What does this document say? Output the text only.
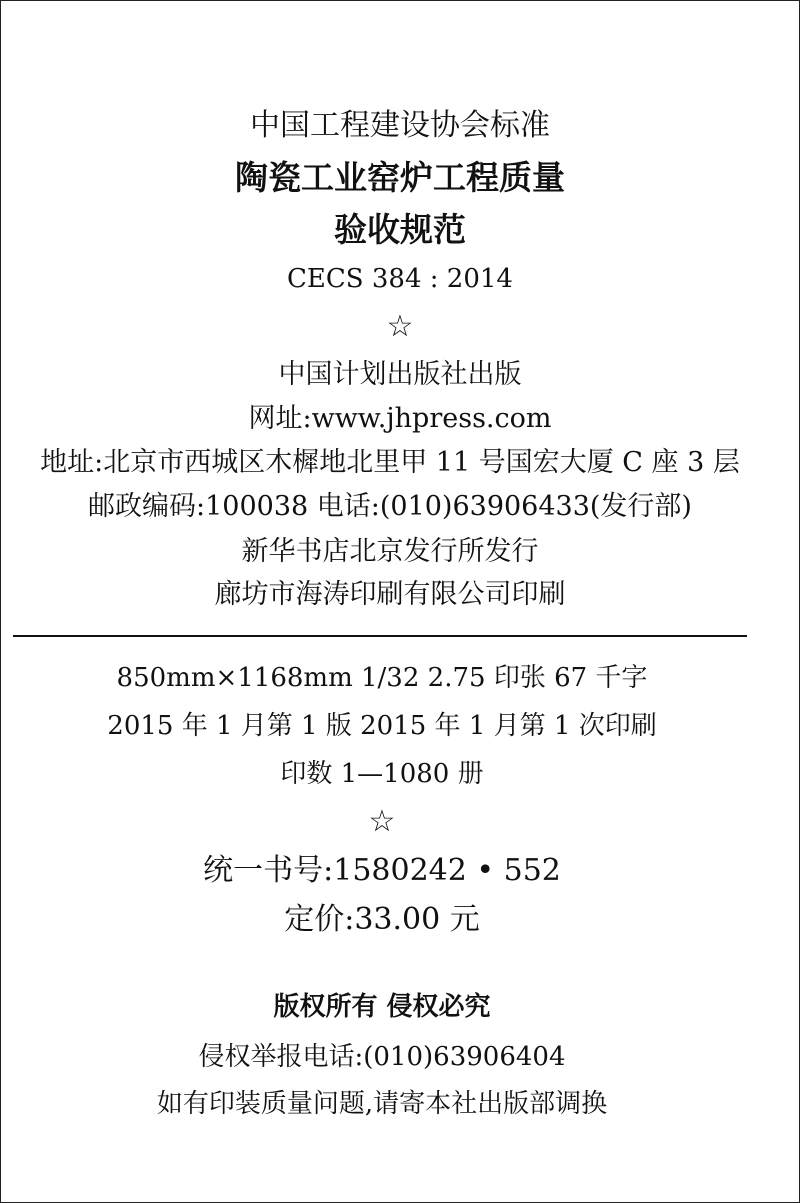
中国工程建设协会标准
陶瓷工业窑炉工程质量
验收规范
CECS 384 : 2014
☆
中国计划出版社出版
网址:www.jhpress.com
地址:北京市西城区木樨地北里甲 11 号国宏大厦 C 座 3 层
邮政编码:100038 电话:(010)63906433(发行部)
新华书店北京发行所发行
廊坊市海涛印刷有限公司印刷
850mm×1168mm 1/32 2.75 印张 67 千字
2015 年 1 月第 1 版 2015 年 1 月第 1 次印刷
印数 1—1080 册
☆
统一书号:1580242 • 552
定价:33.00 元
版权所有 侵权必究
侵权举报电话:(010)63906404
如有印装质量问题,请寄本社出版部调换
